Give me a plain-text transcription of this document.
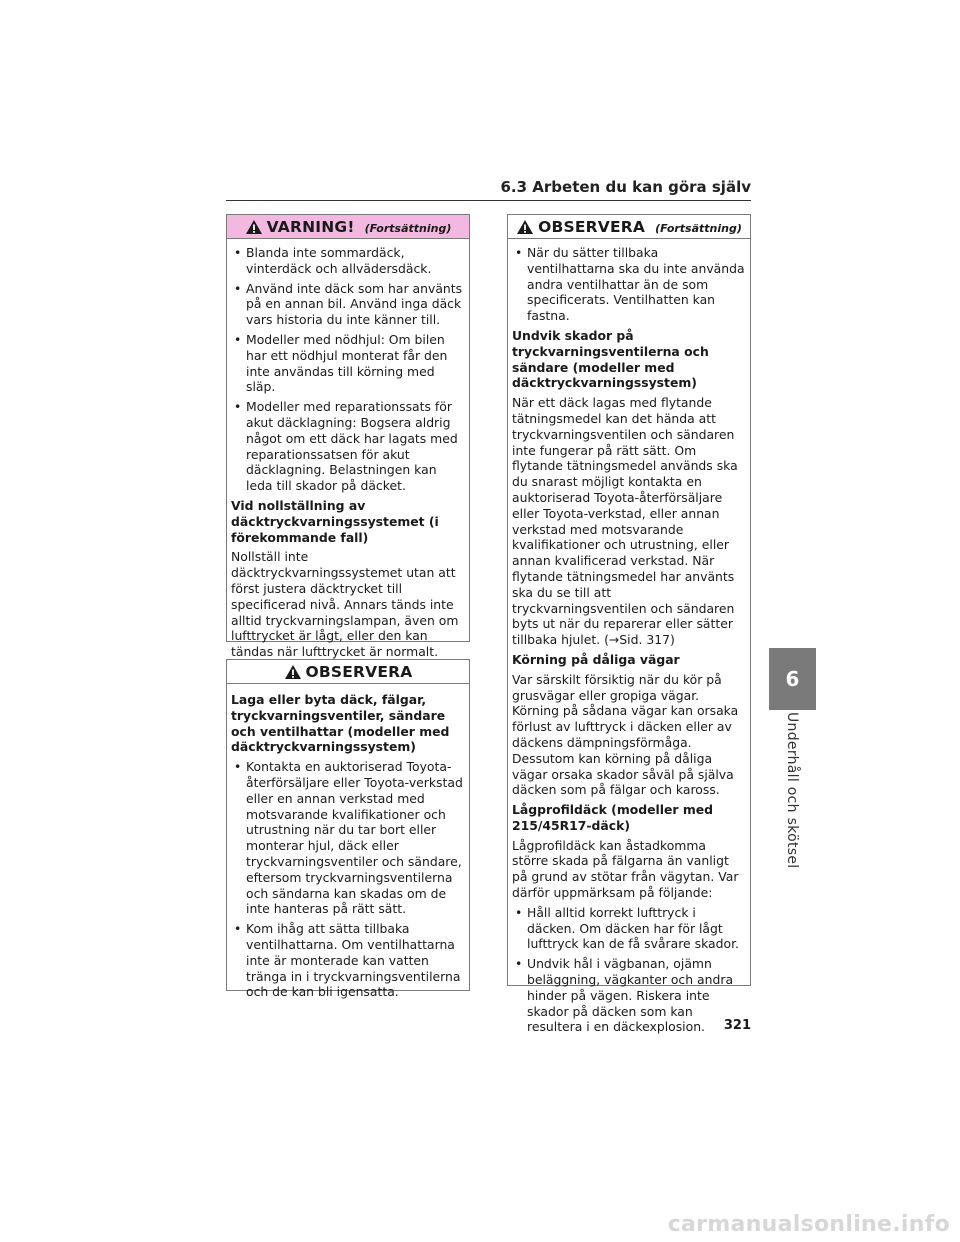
6.3 Arbeten du kan göra själv
VARNING! (Fortsättning)
• Blanda inte sommardäck, vinterdäck och allvädersdäck.
• Använd inte däck som har använts på en annan bil. Använd inga däck vars historia du inte känner till.
• Modeller med nödhjul: Om bilen har ett nödhjul monterat får den inte användas till körning med släp.
• Modeller med reparationssats för akut däcklagning: Bogsera aldrig något om ett däck har lagats med reparationssatsen för akut däcklagning. Belastningen kan leda till skador på däcket.

Vid nollställning av däcktryckvarningssystemet (i förekommande fall)

Nollställ inte däcktryckvarningssystemet utan att först justera däcktrycket till specificerad nivå. Annars tänds inte alltid tryckvarningslampan, även om lufttrycket är lågt, eller den kan tändas när lufttrycket är normalt.

OBSERVERA

Laga eller byta däck, fälgar, tryckvarningsventiler, sändare och ventilhattar (modeller med däcktryckvarningssystem)

• Kontakta en auktoriserad Toyota-återförsäljare eller Toyota-verkstad eller en annan verkstad med motsvarande kvalifikationer och utrustning när du tar bort eller monterar hjul, däck eller tryckvarningsventiler och sändare, eftersom tryckvarningsventilerna och sändarna kan skadas om de inte hanteras på rätt sätt.
• Kom ihåg att sätta tillbaka ventilhattarna. Om ventilhattarna inte är monterade kan vatten tränga in i tryckvarningsventilerna och de kan bli igensatta.
OBSERVERA (Fortsättning)
• När du sätter tillbaka ventilhattarna ska du inte använda andra ventilhattar än de som specificerats. Ventilhatten kan fastna.

Undvik skador på tryckvarningsventilerna och sändare (modeller med däcktryckvarningssystem)

När ett däck lagas med flytande tätningsmedel kan det hända att tryckvarningsventilen och sändaren inte fungerar på rätt sätt. Om flytande tätningsmedel används ska du snarast möjligt kontakta en auktoriserad Toyota-återförsäljare eller Toyota-verkstad, eller annan verkstad med motsvarande kvalifikationer och utrustning, eller annan kvalificerad verkstad. När flytande tätningsmedel har använts ska du se till att tryckvarningsventilen och sändaren byts ut när du reparerar eller sätter tillbaka hjulet. (→Sid. 317)

Körning på dåliga vägar

Var särskilt försiktig när du kör på grusvägar eller gropiga vägar. Körning på sådana vägar kan orsaka förlust av lufttryck i däcken eller av däckens dämpningsförmåga. Dessutom kan körning på dåliga vägar orsaka skador såväl på själva däcken som på fälgar och kaross.

Lågprofildäck (modeller med 215/45R17-däck)

Lågprofildäck kan åstadkomma större skada på fälgarna än vanligt på grund av stötar från vägytan. Var därför uppmärksam på följande:

• Håll alltid korrekt lufttryck i däcken. Om däcken har för lågt lufttryck kan de få svårare skador.
• Undvik hål i vägbanan, ojämn beläggning, vägkanter och andra hinder på vägen. Riskera inte skador på däcken som kan resultera i en däckexplosion.	321
6
Underhåll och skötsel
carmanualsonline.info
